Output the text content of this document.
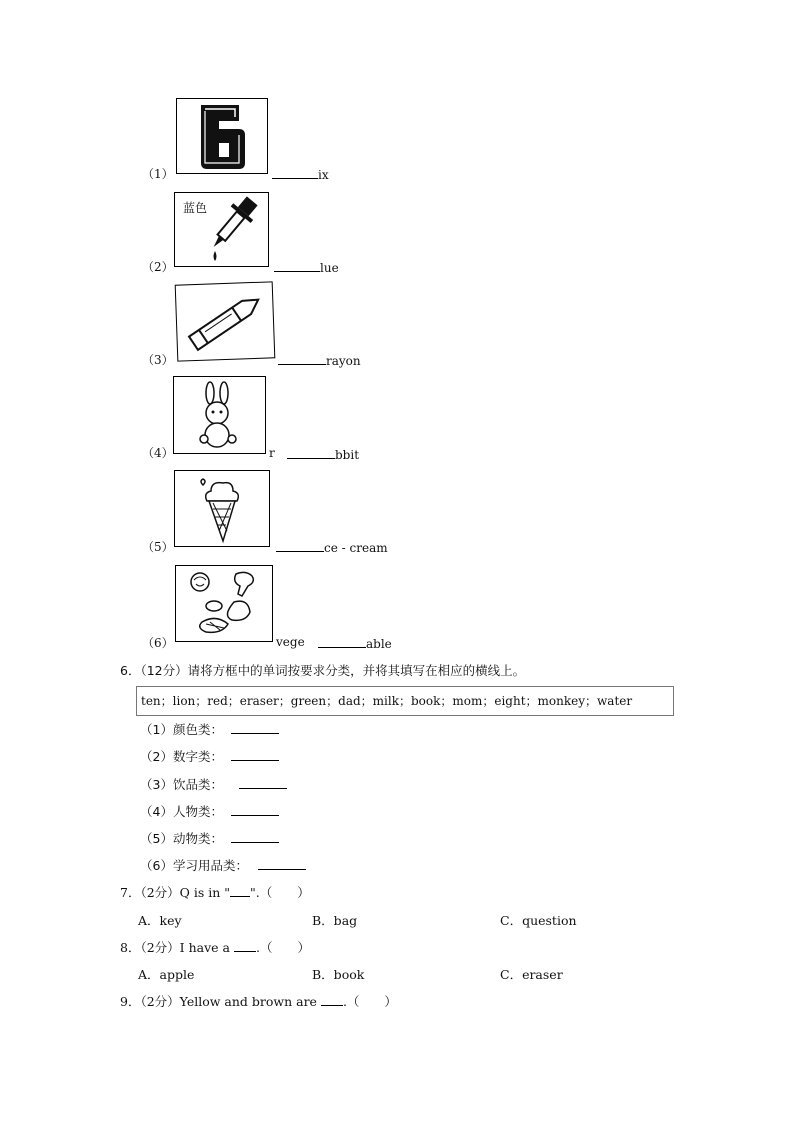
（1）	ix
蓝色
（2）	lue
（3）	rayon
（4）	r	bbit
（5）	ce - cream
（6）	vege	able
6．（12分）请将方框中的单词按要求分类，并将其填写在相应的横线上。
ten；lion；red；eraser；green；dad；milk；book；mom；eight；monkey；water
（1）颜色类：
（2）数字类：
（3）饮品类：
（4）人物类：
（5）动物类：
（6）学习用品类：
7．（2分）Q is in " ".（　　）
A．key	B．bag	C．question
8．（2分）I have a .（　　）
A．apple	B．book	C．eraser
9．（2分）Yellow and brown are .（　　）
